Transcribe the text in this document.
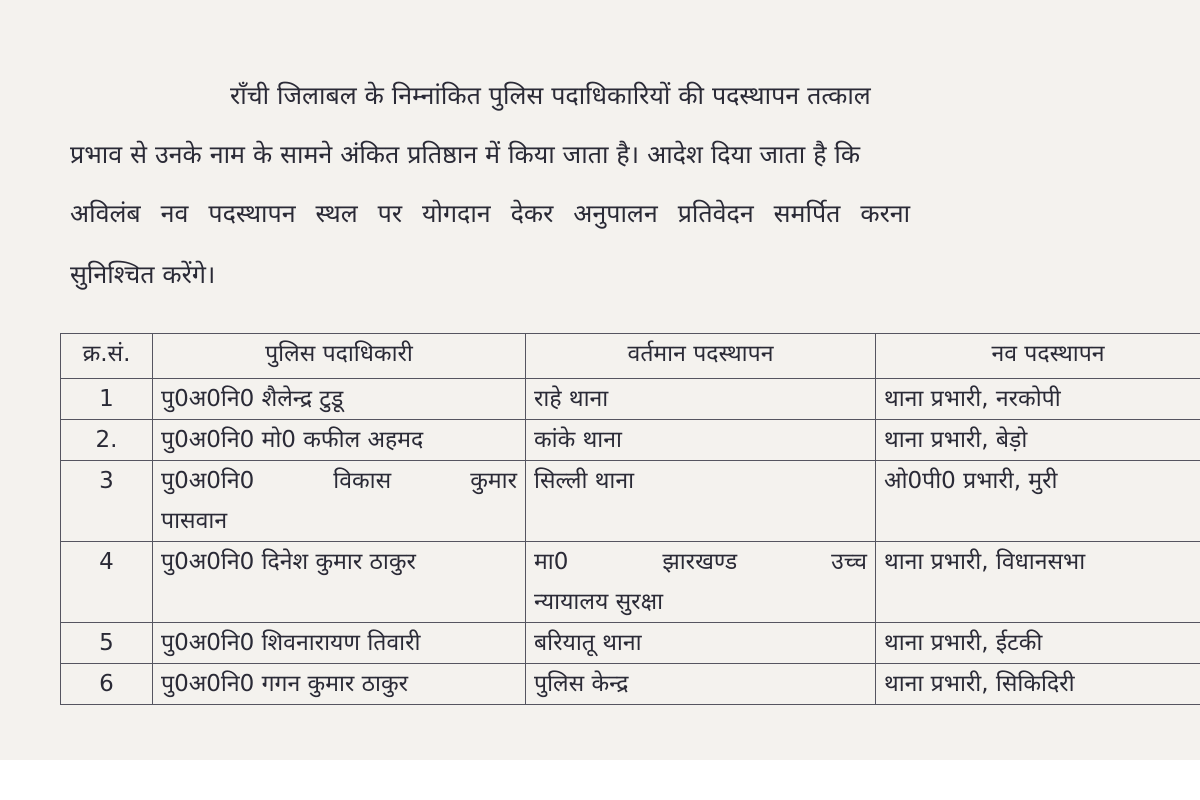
राँची जिलाबल के निम्नांकित पुलिस पदाधिकारियों की पदस्थापन तत्काल
प्रभाव से उनके नाम के सामने अंकित प्रतिष्ठान में किया जाता है। आदेश दिया जाता है कि
अविलंब नव पदस्थापन स्थल पर योगदान देकर अनुपालन प्रतिवेदन समर्पित करना
सुनिश्चित करेंगे।
क्र.सं.	पुलिस पदाधिकारी	वर्तमान पदस्थापन	नव पदस्थापन
1	पु0अ0नि0 शैलेन्द्र टुडू	राहे थाना	थाना प्रभारी, नरकोपी
2.	पु0अ0नि0 मो0 कफील अहमद	कांके थाना	थाना प्रभारी, बेड़ो
3	पु0अ0नि0 विकास कुमार
पासवान	सिल्ली थाना	ओ0पी0 प्रभारी, मुरी
4	पु0अ0नि0 दिनेश कुमार ठाकुर	मा0 झारखण्ड उच्च
न्यायालय सुरक्षा	थाना प्रभारी, विधानसभा
5	पु0अ0नि0 शिवनारायण तिवारी	बरियातू थाना	थाना प्रभारी, ईटकी
6	पु0अ0नि0 गगन कुमार ठाकुर	पुलिस केन्द्र	थाना प्रभारी, सिकिदिरी
